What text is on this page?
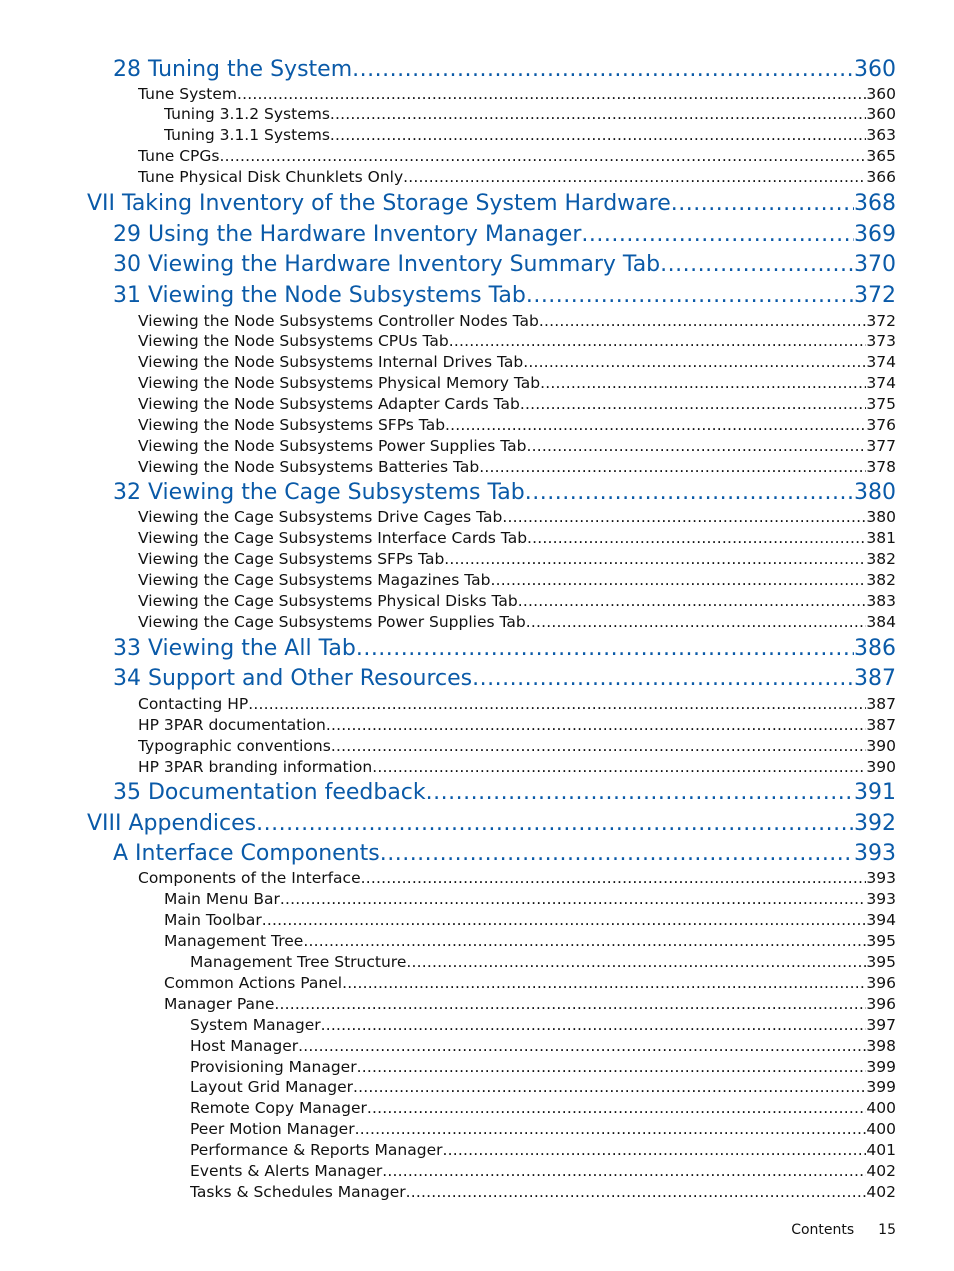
28 Tuning the System .....	360
Tune System .....	360
Tuning 3.1.2 Systems .....	360
Tuning 3.1.1 Systems .....	363
Tune CPGs .....	365
Tune Physical Disk Chunklets Only .....	366
VII Taking Inventory of the Storage System Hardware .....	368
29 Using the Hardware Inventory Manager .....	369
30 Viewing the Hardware Inventory Summary Tab .....	370
31 Viewing the Node Subsystems Tab .....	372
Viewing the Node Subsystems Controller Nodes Tab .....	372
Viewing the Node Subsystems CPUs Tab .....	373
Viewing the Node Subsystems Internal Drives Tab .....	374
Viewing the Node Subsystems Physical Memory Tab .....	374
Viewing the Node Subsystems Adapter Cards Tab .....	375
Viewing the Node Subsystems SFPs Tab .....	376
Viewing the Node Subsystems Power Supplies Tab .....	377
Viewing the Node Subsystems Batteries Tab .....	378
32 Viewing the Cage Subsystems Tab .....	380
Viewing the Cage Subsystems Drive Cages Tab .....	380
Viewing the Cage Subsystems Interface Cards Tab .....	381
Viewing the Cage Subsystems SFPs Tab .....	382
Viewing the Cage Subsystems Magazines Tab .....	382
Viewing the Cage Subsystems Physical Disks Tab .....	383
Viewing the Cage Subsystems Power Supplies Tab .....	384
33 Viewing the All Tab .....	386
34 Support and Other Resources .....	387
Contacting HP .....	387
HP 3PAR documentation .....	387
Typographic conventions .....	390
HP 3PAR branding information .....	390
35 Documentation feedback .....	391
VIII Appendices .....	392
A Interface Components .....	393
Components of the Interface .....	393
Main Menu Bar .....	393
Main Toolbar .....	394
Management Tree .....	395
Management Tree Structure .....	395
Common Actions Panel .....	396
Manager Pane .....	396
System Manager .....	397
Host Manager .....	398
Provisioning Manager .....	399
Layout Grid Manager .....	399
Remote Copy Manager .....	400
Peer Motion Manager .....	400
Performance & Reports Manager .....	401
Events & Alerts Manager .....	402
Tasks & Schedules Manager .....	402
Contents 15
